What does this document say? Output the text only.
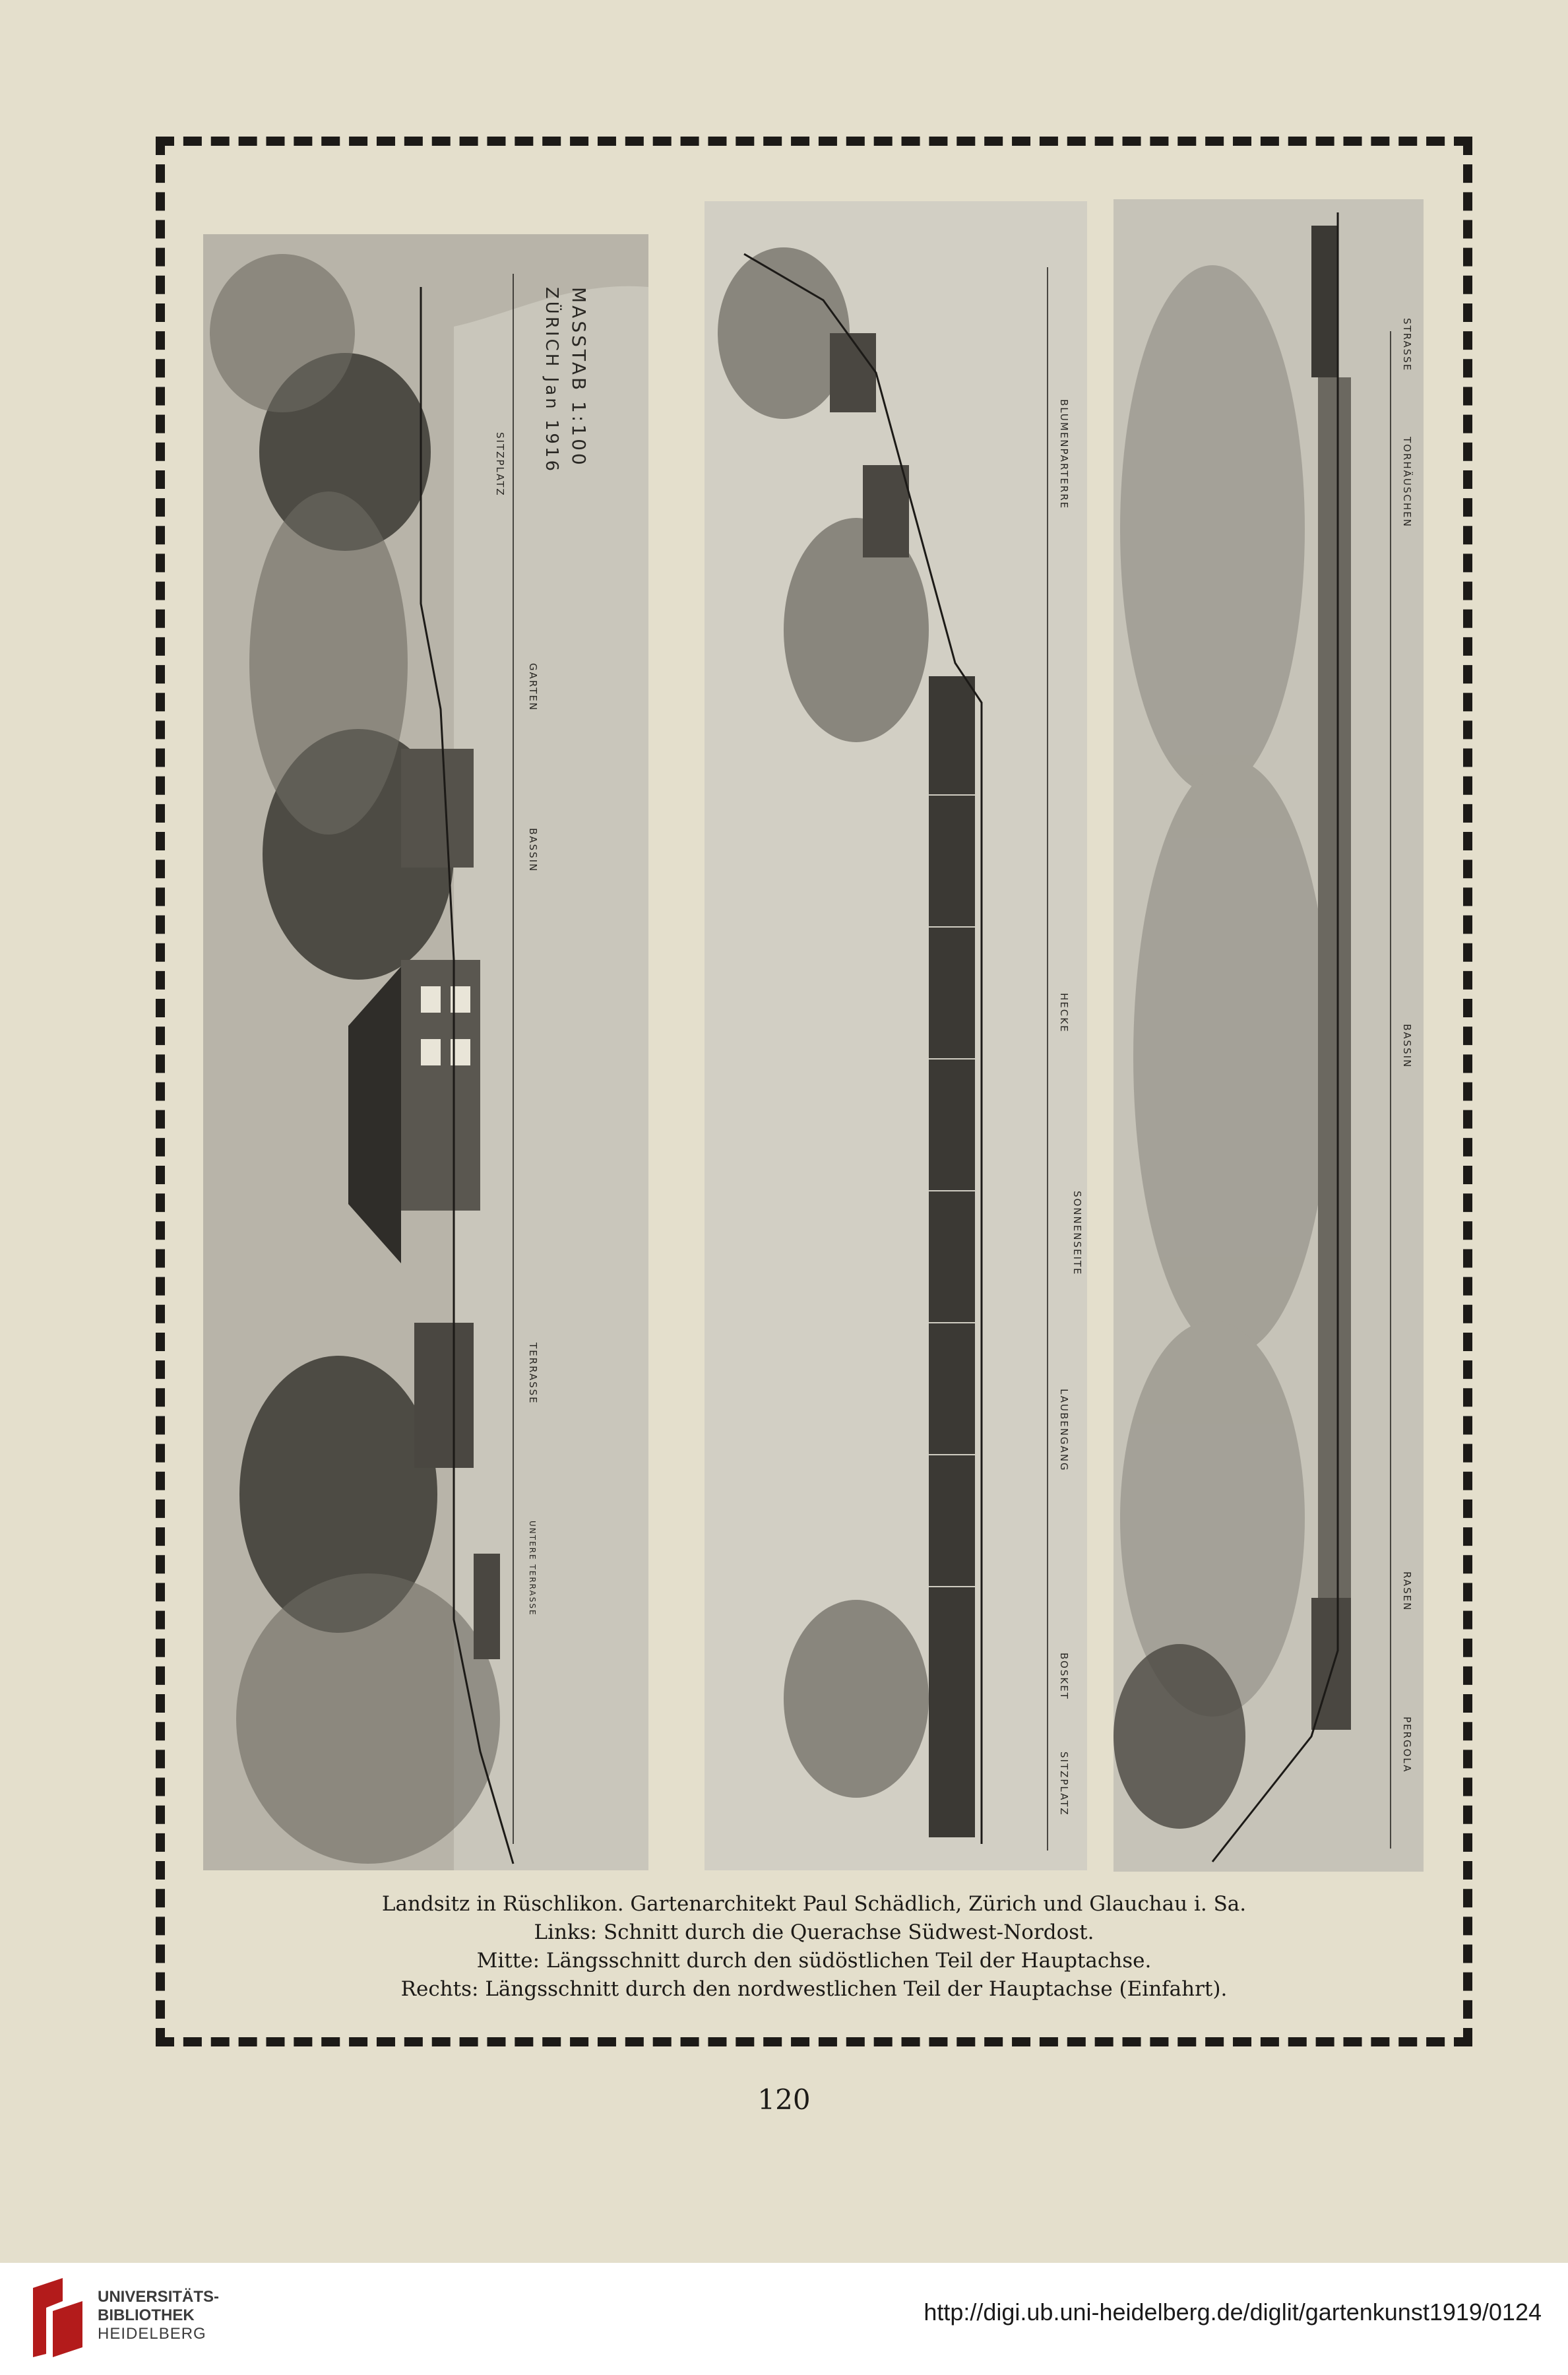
MASSTAB 1:100
ZÜRICH Jan 1916
SITZPLATZ
GARTEN
BASSIN
TERRASSE
UNTERE TERRASSE
SITZPLATZ
BOSKET
LAUBENGANG
SONNENSEITE
HECKE
BLUMENPARTERRE
PERGOLA
RASEN
BASSIN
TORHÄUSCHEN
STRASSE
Landsitz in Rüschlikon. Gartenarchitekt Paul Schädlich, Zürich und Glauchau i. Sa.
Links: Schnitt durch die Querachse Südwest-Nordost.
Mitte: Längsschnitt durch den südöstlichen Teil der Hauptachse.
Rechts: Längsschnitt durch den nordwestlichen Teil der Hauptachse (Einfahrt).
120
UNIVERSITÄTS-
BIBLIOTHEK
HEIDELBERG
http://digi.ub.uni-heidelberg.de/diglit/gartenkunst1919/0124
